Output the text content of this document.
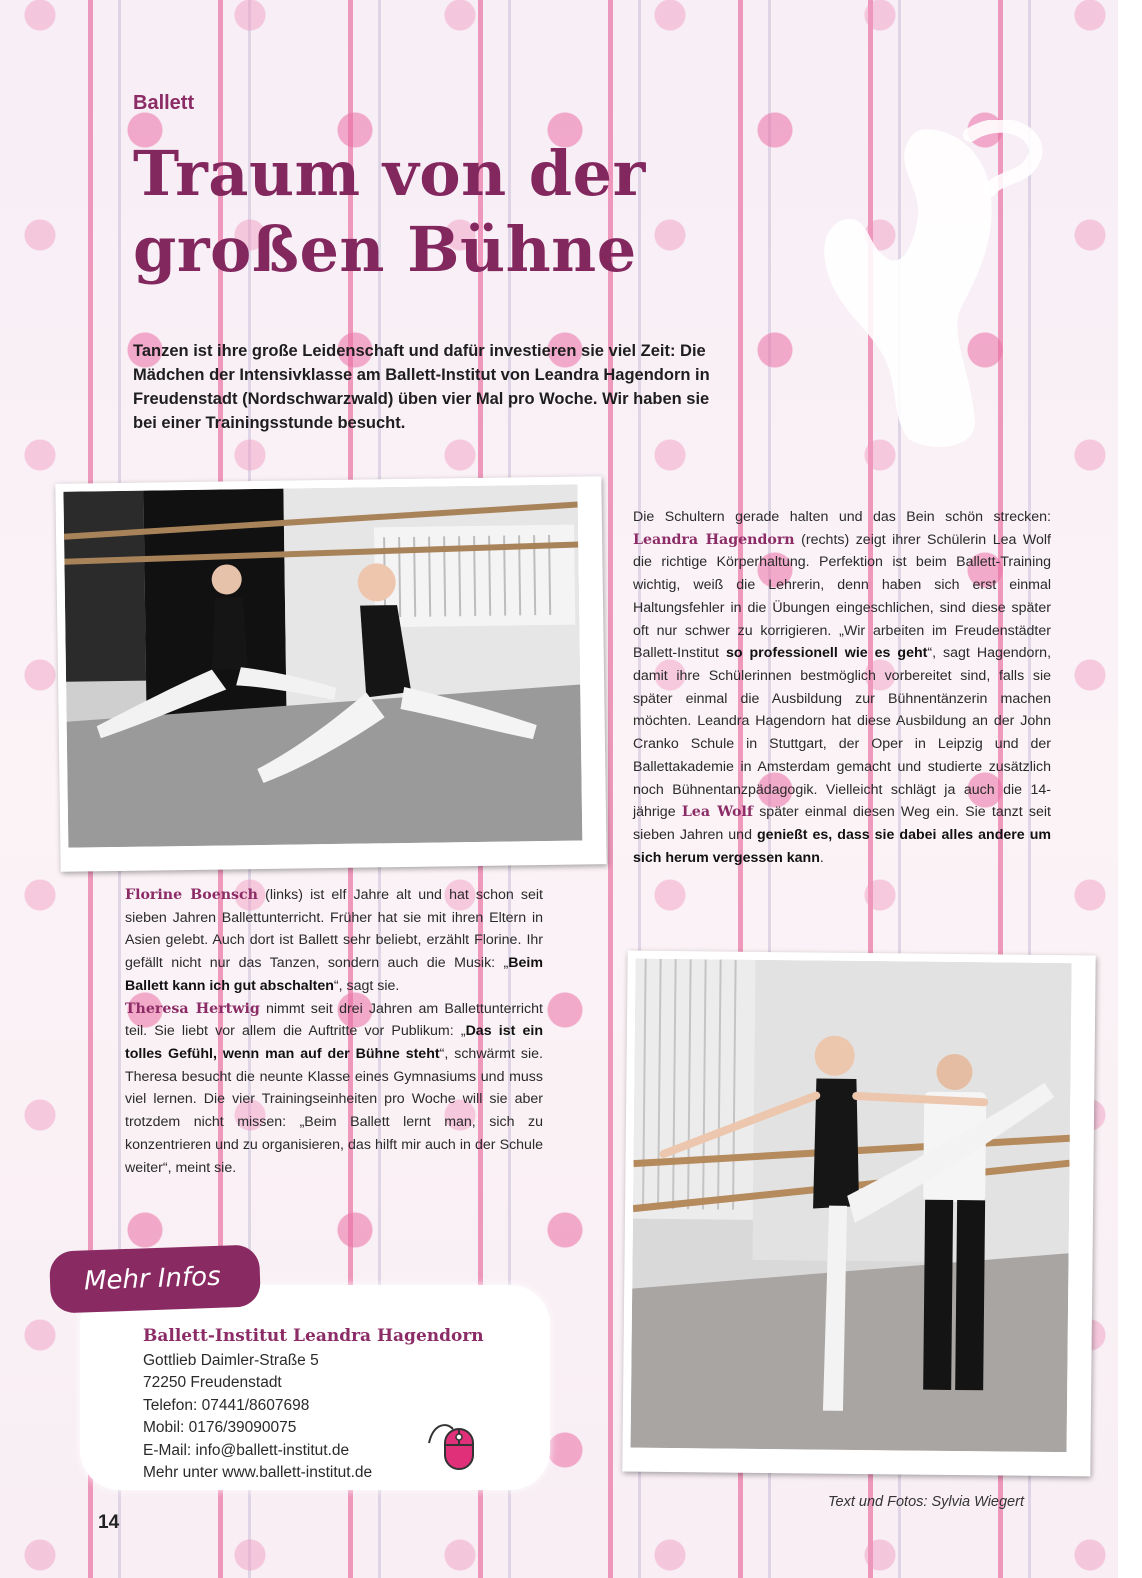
Ballett
Traum von der
großen Bühne
Tanzen ist ihre große Leidenschaft und dafür investieren sie viel Zeit: Die Mädchen der Intensivklasse am Ballett-Institut von Leandra Hagendorn in Freudenstadt (Nordschwarzwald) üben vier Mal pro Woche. Wir haben sie bei einer Trainingsstunde besucht.
Die Schultern gerade halten und das Bein schön strecken: Leandra Hagendorn (rechts) zeigt ihrer Schülerin Lea Wolf die richtige Körperhaltung. Perfektion ist beim Ballett-Training wichtig, weiß die Lehrerin, denn haben sich erst einmal Haltungsfehler in die Übungen eingeschlichen, sind diese später oft nur schwer zu korrigieren. „Wir arbeiten im Freudenstädter Ballett-Institut so professionell wie es geht“, sagt Hagendorn, damit ihre Schülerinnen bestmöglich vorbereitet sind, falls sie später einmal die Ausbildung zur Bühnentänzerin machen möchten. Leandra Hagendorn hat diese Ausbildung an der John Cranko Schule in Stuttgart, der Oper in Leipzig und der Ballettakademie in Amsterdam gemacht und studierte zusätzlich noch Bühnentanzpädagogik. Vielleicht schlägt ja auch die 14-jährige Lea Wolf später einmal diesen Weg ein. Sie tanzt seit sieben Jahren und genießt es, dass sie dabei alles andere um sich herum vergessen kann.
Florine Boensch (links) ist elf Jahre alt und hat schon seit sieben Jahren Ballettunterricht. Früher hat sie mit ihren Eltern in Asien gelebt. Auch dort ist Ballett sehr beliebt, erzählt Florine. Ihr gefällt nicht nur das Tanzen, sondern auch die Musik: „Beim Ballett kann ich gut abschalten“, sagt sie.
Theresa Hertwig nimmt seit drei Jahren am Ballettunterricht teil. Sie liebt vor allem die Auftritte vor Publikum: „Das ist ein tolles Gefühl, wenn man auf der Bühne steht“, schwärmt sie. Theresa besucht die neunte Klasse eines Gymnasiums und muss viel lernen. Die vier Trainingseinheiten pro Woche will sie aber trotzdem nicht missen: „Beim Ballett lernt man, sich zu konzentrieren und zu organisieren, das hilft mir auch in der Schule weiter“, meint sie.
Mehr Infos
Ballett-Institut Leandra Hagendorn
Gottlieb Daimler-Straße 5
72250 Freudenstadt
Telefon: 07441/8607698
Mobil: 0176/39090075
E-Mail: info@ballett-institut.de
Mehr unter www.ballett-institut.de
Text und Fotos: Sylvia Wiegert
14
